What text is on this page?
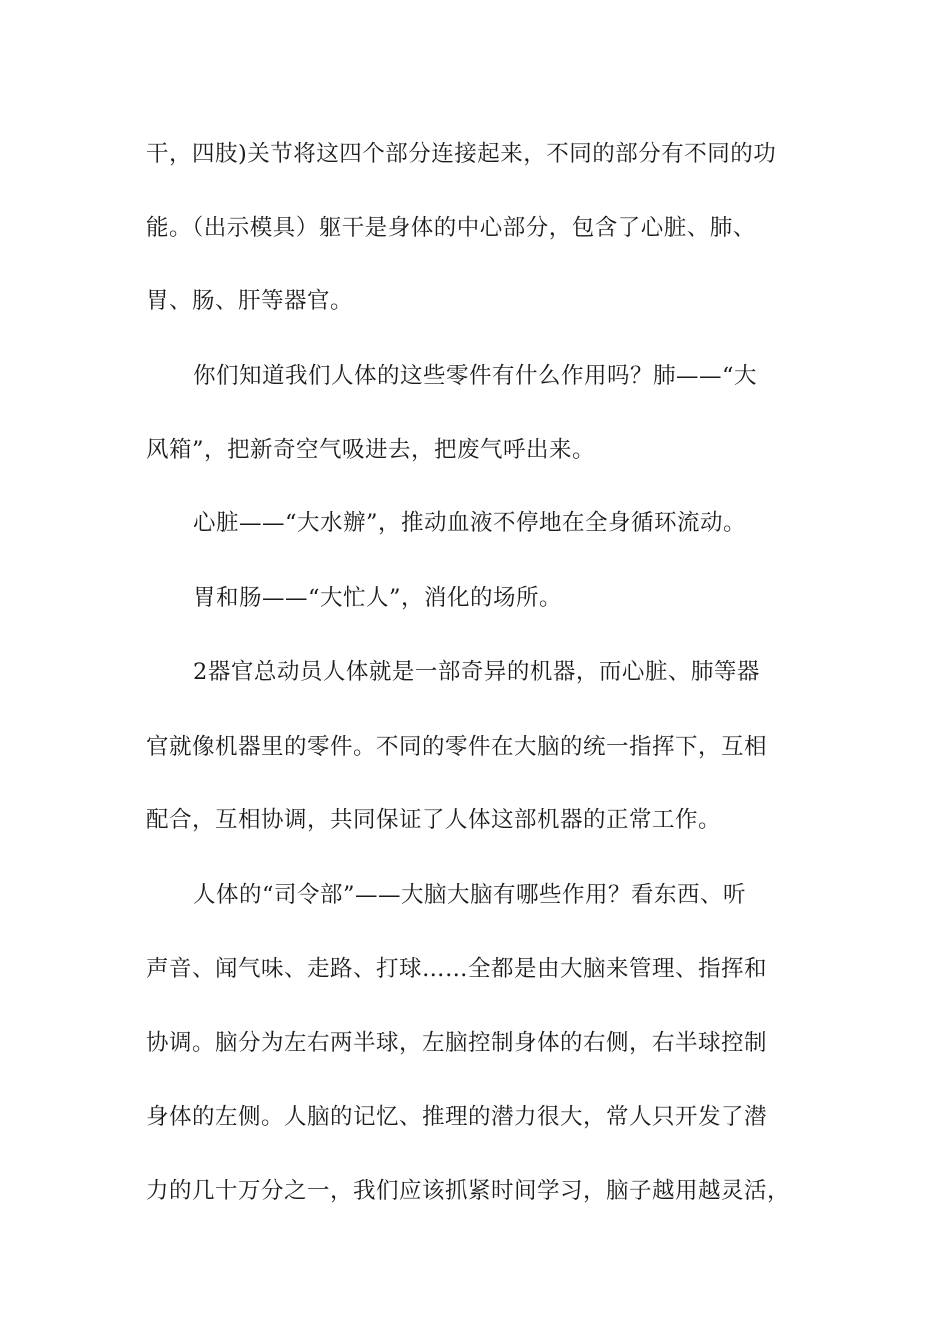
干，四肢)关节将这四个部分连接起来，不同的部分有不同的功
能。（出示模具）躯干是身体的中心部分，包含了心脏、肺、
胃、肠、肝等器官。
你们知道我们人体的这些零件有什么作用吗？肺——“大
风箱”，把新奇空气吸进去，把废气呼出来。
心脏——“大水辦”，推动血液不停地在全身循环流动。
胃和肠——“大忙人”，消化的场所。
2器官总动员人体就是一部奇异的机器，而心脏、肺等器
官就像机器里的零件。不同的零件在大脑的统一指挥下，互相
配合，互相协调，共同保证了人体这部机器的正常工作。
人体的“司令部”——大脑大脑有哪些作用？看东西、听
声音、闻气味、走路、打球……全都是由大脑来管理、指挥和
协调。脑分为左右两半球，左脑控制身体的右侧，右半球控制
身体的左侧。人脑的记忆、推理的潜力很大，常人只开发了潜
力的几十万分之一，我们应该抓紧时间学习，脑子越用越灵活，
